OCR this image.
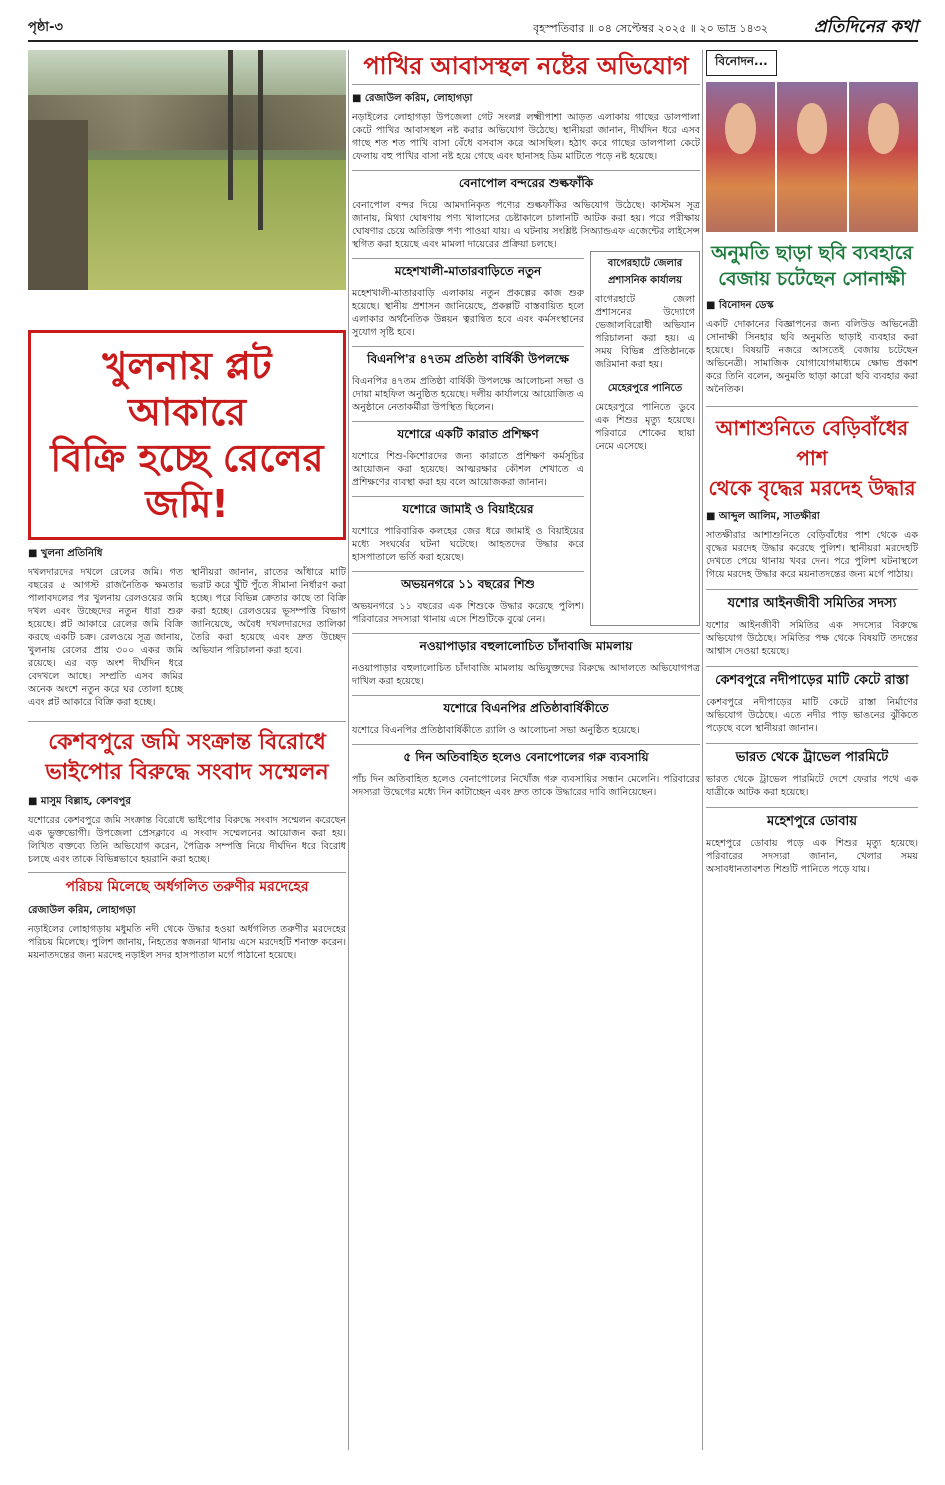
পৃষ্ঠা-৩	বৃহস্পতিবার ॥ ০৪ সেপ্টেম্বর ২০২৫ ॥ ২০ ভাদ্র ১৪৩২	প্রতিদিনের কথা
খুলনায় প্লট আকারে
বিক্রি হচ্ছে রেলের জমি!
■ খুলনা প্রতিনিধি
দখলদারদের দখলে রেলের জমি। গত বছরের ৫ আগস্ট রাজনৈতিক ক্ষমতার পালাবদলের পর খুলনায় রেলওয়ের জমি দখল এবং উচ্ছেদের নতুন ধারা শুরু হয়েছে। প্লট আকারে রেলের জমি বিক্রি করছে একটি চক্র। রেলওয়ে সূত্র জানায়, খুলনায় রেলের প্রায় ৩০০ একর জমি রয়েছে। এর বড় অংশ দীর্ঘদিন ধরে বেদখলে আছে। সম্প্রতি এসব জমির অনেক অংশে নতুন করে ঘর তোলা হচ্ছে এবং প্লট আকারে বিক্রি করা হচ্ছে।
স্থানীয়রা জানান, রাতের আঁধারে মাটি ভরাট করে খুঁটি পুঁতে সীমানা নির্ধারণ করা হচ্ছে। পরে বিভিন্ন ক্রেতার কাছে তা বিক্রি করা হচ্ছে। রেলওয়ের ভূসম্পত্তি বিভাগ জানিয়েছে, অবৈধ দখলদারদের তালিকা তৈরি করা হয়েছে এবং দ্রুত উচ্ছেদ অভিযান পরিচালনা করা হবে।
কেশবপুরে জমি সংক্রান্ত বিরোধে
ভাইপোর বিরুদ্ধে সংবাদ সম্মেলন
■ মাসুম বিল্লাহ, কেশবপুর
যশোরের কেশবপুরে জমি সংক্রান্ত বিরোধে ভাইপোর বিরুদ্ধে সংবাদ সম্মেলন করেছেন এক ভুক্তভোগী। উপজেলা প্রেসক্লাবে এ সংবাদ সম্মেলনের আয়োজন করা হয়। লিখিত বক্তব্যে তিনি অভিযোগ করেন, পৈত্রিক সম্পত্তি নিয়ে দীর্ঘদিন ধরে বিরোধ চলছে এবং তাকে বিভিন্নভাবে হয়রানি করা হচ্ছে।
পরিচয় মিলেছে অর্ধগলিত তরুণীর মরদেহের
রেজাউল করিম, লোহাগড়া
নড়াইলের লোহাগড়ায় মধুমতি নদী থেকে উদ্ধার হওয়া অর্ধগলিত তরুণীর মরদেহের পরিচয় মিলেছে। পুলিশ জানায়, নিহতের স্বজনরা থানায় এসে মরদেহটি শনাক্ত করেন। ময়নাতদন্তের জন্য মরদেহ নড়াইল সদর হাসপাতাল মর্গে পাঠানো হয়েছে।
পাখির আবাসস্থল নষ্টের অভিযোগ
■ রেজাউল করিম, লোহাগড়া
নড়াইলের লোহাগড়া উপজেলা গেট সংলগ্ন লক্ষ্মীপাশা আড়ত এলাকায় গাছের ডালপালা কেটে পাখির আবাসস্থল নষ্ট করার অভিযোগ উঠেছে। স্থানীয়রা জানান, দীর্ঘদিন ধরে এসব গাছে শত শত পাখি বাসা বেঁধে বসবাস করে আসছিল। হঠাৎ করে গাছের ডালপালা কেটে ফেলায় বহু পাখির বাসা নষ্ট হয়ে গেছে এবং ছানাসহ ডিম মাটিতে পড়ে নষ্ট হয়েছে।
বেনাপোল বন্দরের শুল্কফাঁকি
বেনাপোল বন্দর দিয়ে আমদানিকৃত পণ্যের শুল্কফাঁকির অভিযোগ উঠেছে। কাস্টমস সূত্র জানায়, মিথ্যা ঘোষণায় পণ্য খালাসের চেষ্টাকালে চালানটি আটক করা হয়। পরে পরীক্ষায় ঘোষণার চেয়ে অতিরিক্ত পণ্য পাওয়া যায়। এ ঘটনায় সংশ্লিষ্ট সিঅ্যান্ডএফ এজেন্টের লাইসেন্স স্থগিত করা হয়েছে এবং মামলা দায়েরের প্রক্রিয়া চলছে।
মহেশখালী-মাতারবাড়িতে নতুন
মহেশখালী-মাতারবাড়ি এলাকায় নতুন প্রকল্পের কাজ শুরু হয়েছে। স্থানীয় প্রশাসন জানিয়েছে, প্রকল্পটি বাস্তবায়িত হলে এলাকার অর্থনৈতিক উন্নয়ন ত্বরান্বিত হবে এবং কর্মসংস্থানের সুযোগ সৃষ্টি হবে।
বিএনপি'র ৪৭তম প্রতিষ্ঠা বার্ষিকী উপলক্ষে
বিএনপির ৪৭তম প্রতিষ্ঠা বার্ষিকী উপলক্ষে আলোচনা সভা ও দোয়া মাহফিল অনুষ্ঠিত হয়েছে। দলীয় কার্যালয়ে আয়োজিত এ অনুষ্ঠানে নেতাকর্মীরা উপস্থিত ছিলেন।
যশোরে একটি কারাত প্রশিক্ষণ
যশোরে শিশু-কিশোরদের জন্য কারাতে প্রশিক্ষণ কর্মসূচির আয়োজন করা হয়েছে। আত্মরক্ষার কৌশল শেখাতে এ প্রশিক্ষণের ব্যবস্থা করা হয় বলে আয়োজকরা জানান।
যশোরে জামাই ও বিয়াইয়ের
যশোরে পারিবারিক কলহের জের ধরে জামাই ও বিয়াইয়ের মধ্যে সংঘর্ষের ঘটনা ঘটেছে। আহতদের উদ্ধার করে হাসপাতালে ভর্তি করা হয়েছে।
অভয়নগরে ১১ বছরের শিশু
অভয়নগরে ১১ বছরের এক শিশুকে উদ্ধার করেছে পুলিশ। পরিবারের সদস্যরা থানায় এসে শিশুটিকে বুঝে নেন।
বাগেরহাটে জেলার প্রশাসনিক কার্যালয়
বাগেরহাটে জেলা প্রশাসনের উদ্যোগে ভেজালবিরোধী অভিযান পরিচালনা করা হয়। এ সময় বিভিন্ন প্রতিষ্ঠানকে জরিমানা করা হয়।
মেহেরপুরে পানিতে
মেহেরপুরে পানিতে ডুবে এক শিশুর মৃত্যু হয়েছে। পরিবারে শোকের ছায়া নেমে এসেছে।
নওয়াপাড়ার বহুলালোচিত চাঁদাবাজি মামলায়
নওয়াপাড়ার বহুলালোচিত চাঁদাবাজি মামলায় অভিযুক্তদের বিরুদ্ধে আদালতে অভিযোগপত্র দাখিল করা হয়েছে।
যশোরে বিএনপির প্রতিষ্ঠাবার্ষিকীতে
যশোরে বিএনপির প্রতিষ্ঠাবার্ষিকীতে র‌্যালি ও আলোচনা সভা অনুষ্ঠিত হয়েছে।
৫ দিন অতিবাহিত হলেও বেনাপোলের গরু ব্যবসায়ি
পাঁচ দিন অতিবাহিত হলেও বেনাপোলের নিখোঁজ গরু ব্যবসায়ির সন্ধান মেলেনি। পরিবারের সদস্যরা উদ্বেগের মধ্যে দিন কাটাচ্ছেন এবং দ্রুত তাকে উদ্ধারের দাবি জানিয়েছেন।
বিনোদন...
অনুমতি ছাড়া ছবি ব্যবহারে
বেজায় চটেছেন সোনাক্ষী
■ বিনোদন ডেস্ক
একটি দোকানের বিজ্ঞাপনের জন্য বলিউড অভিনেত্রী সোনাক্ষী সিনহার ছবি অনুমতি ছাড়াই ব্যবহার করা হয়েছে। বিষয়টি নজরে আসতেই বেজায় চটেছেন অভিনেত্রী। সামাজিক যোগাযোগমাধ্যমে ক্ষোভ প্রকাশ করে তিনি বলেন, অনুমতি ছাড়া কারো ছবি ব্যবহার করা অনৈতিক।
আশাশুনিতে বেড়িবাঁধের পাশ
থেকে বৃদ্ধের মরদেহ উদ্ধার
■ আব্দুল আলিম, সাতক্ষীরা
সাতক্ষীরার আশাশুনিতে বেড়িবাঁধের পাশ থেকে এক বৃদ্ধের মরদেহ উদ্ধার করেছে পুলিশ। স্থানীয়রা মরদেহটি দেখতে পেয়ে থানায় খবর দেন। পরে পুলিশ ঘটনাস্থলে গিয়ে মরদেহ উদ্ধার করে ময়নাতদন্তের জন্য মর্গে পাঠায়।
যশোর আইনজীবী সমিতির সদস্য
যশোর আইনজীবী সমিতির এক সদস্যের বিরুদ্ধে অভিযোগ উঠেছে। সমিতির পক্ষ থেকে বিষয়টি তদন্তের আশ্বাস দেওয়া হয়েছে।
কেশবপুরে নদীপাড়ের মাটি কেটে রাস্তা
কেশবপুরে নদীপাড়ের মাটি কেটে রাস্তা নির্মাণের অভিযোগ উঠেছে। এতে নদীর পাড় ভাঙনের ঝুঁকিতে পড়েছে বলে স্থানীয়রা জানান।
ভারত থেকে ট্রাভেল পারমিটে
ভারত থেকে ট্রাভেল পারমিটে দেশে ফেরার পথে এক যাত্রীকে আটক করা হয়েছে।
মহেশপুরে ডোবায়
মহেশপুরে ডোবায় পড়ে এক শিশুর মৃত্যু হয়েছে। পরিবারের সদস্যরা জানান, খেলার সময় অসাবধানতাবশত শিশুটি পানিতে পড়ে যায়।
